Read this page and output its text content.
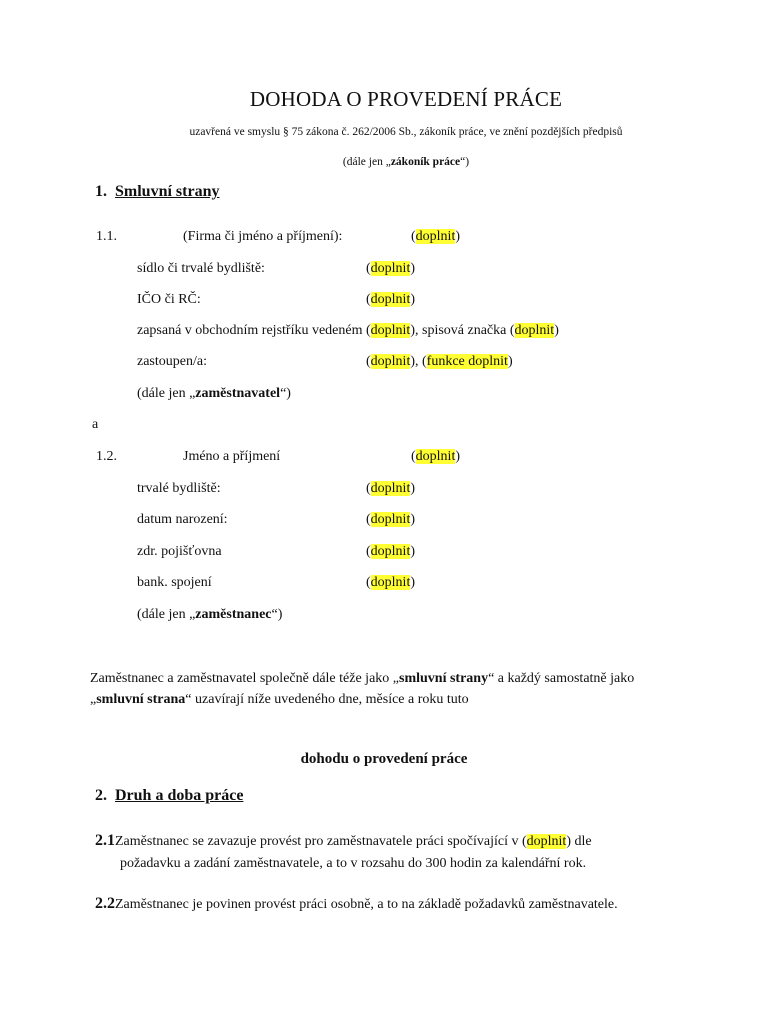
DOHODA O PROVEDENÍ PRÁCE
uzavřená ve smyslu § 75 zákona č. 262/2006 Sb., zákoník práce, ve znění pozdějších předpisů
(dále jen „zákoník práce“)
1. Smluvní strany
1.1.	(Firma či jméno a příjmení):	(doplnit)
sídlo či trvalé bydliště:	(doplnit)
IČO či RČ:	(doplnit)
zapsaná v obchodním rejstříku vedeném (doplnit), spisová značka (doplnit)
zastoupen/a:	(doplnit), (funkce doplnit)
(dále jen „zaměstnavatel“)
a
1.2.	Jméno a příjmení	(doplnit)
trvalé bydliště:	(doplnit)
datum narození:	(doplnit)
zdr. pojišťovna	(doplnit)
bank. spojení	(doplnit)
(dále jen „zaměstnanec“)
Zaměstnanec a zaměstnavatel společně dále téže jako „smluvní strany“ a každý samostatně jako „smluvní strana“ uzavírají níže uvedeného dne, měsíce a roku tuto
dohodu o provedení práce
2. Druh a doba práce
2.1Zaměstnanec se zavazuje provést pro zaměstnavatele práci spočívající v (doplnit) dle
požadavku a zadání zaměstnavatele, a to v rozsahu do 300 hodin za kalendářní rok.
2.2Zaměstnanec je povinen provést práci osobně, a to na základě požadavků zaměstnavatele.
